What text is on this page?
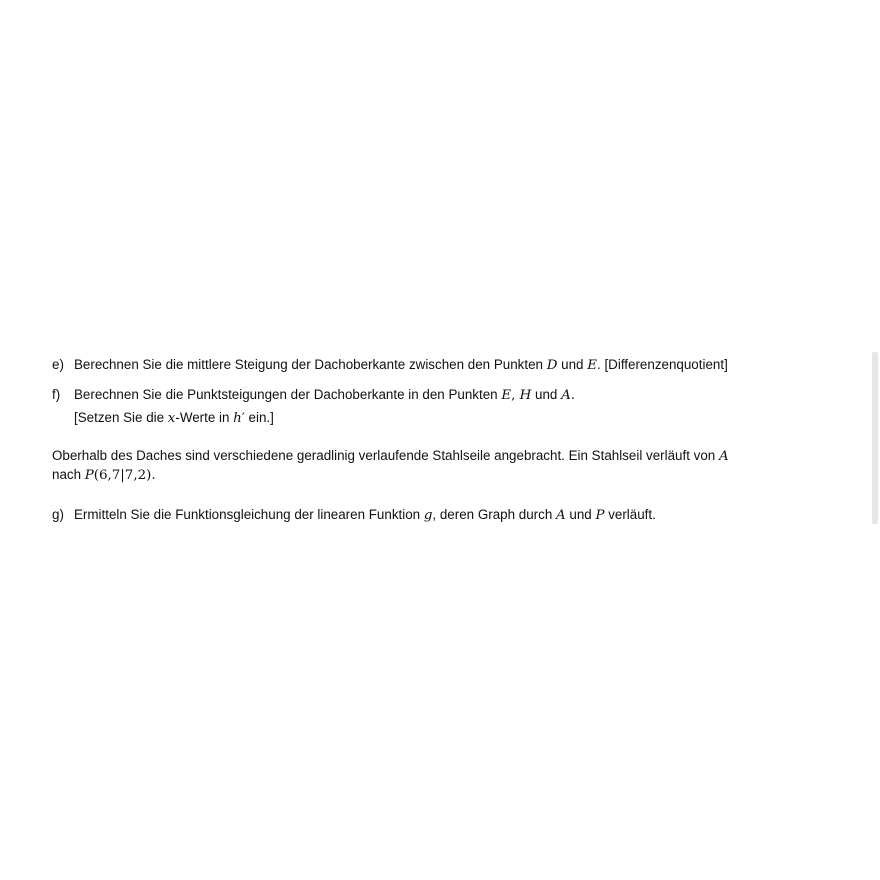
e) Berechnen Sie die mittlere Steigung der Dachoberkante zwischen den Punkten D und E. [Differenzenquotient]
f) Berechnen Sie die Punktsteigungen der Dachoberkante in den Punkten E, H und A.
[Setzen Sie die x-Werte in h′ ein.]
Oberhalb des Daches sind verschiedene geradlinig verlaufende Stahlseile angebracht. Ein Stahlseil verläuft von A
nach P(6,7|7,2).
g) Ermitteln Sie die Funktionsgleichung der linearen Funktion g, deren Graph durch A und P verläuft.
